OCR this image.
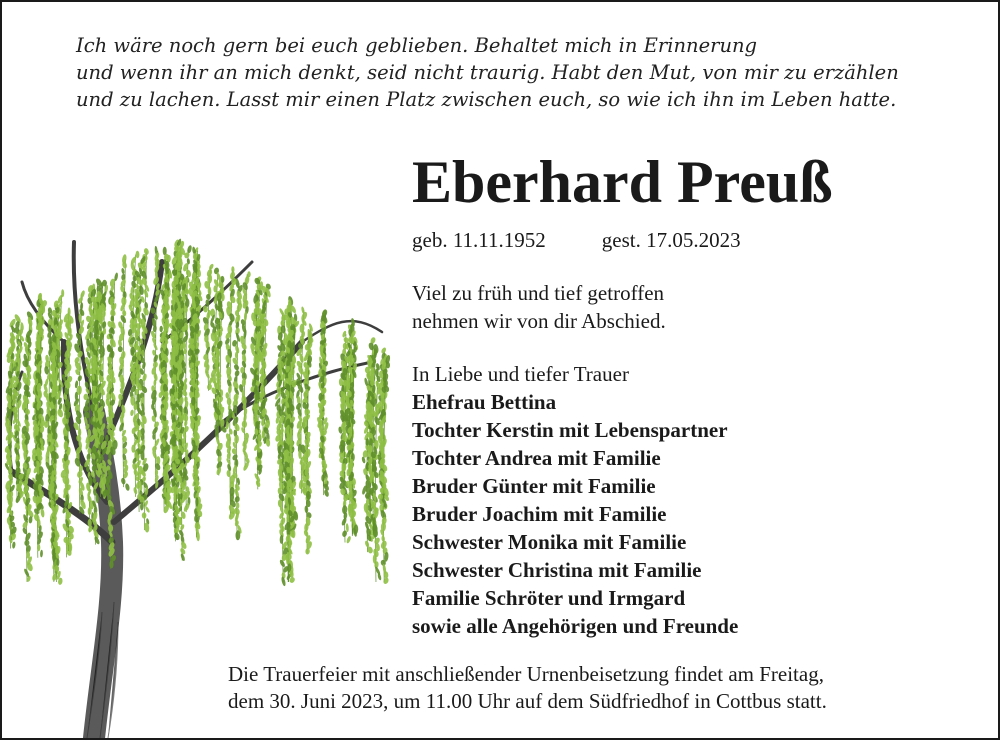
Ich wäre noch gern bei euch geblieben. Behaltet mich in Erinnerung
und wenn ihr an mich denkt, seid nicht traurig. Habt den Mut, von mir zu erzählen
und zu lachen. Lasst mir einen Platz zwischen euch, so wie ich ihn im Leben hatte.
Eberhard Preuß
geb. 11.11.1952	gest. 17.05.2023
Viel zu früh und tief getroffen
nehmen wir von dir Abschied.
In Liebe und tiefer Trauer
Ehefrau Bettina
Tochter Kerstin mit Lebenspartner
Tochter Andrea mit Familie
Bruder Günter mit Familie
Bruder Joachim mit Familie
Schwester Monika mit Familie
Schwester Christina mit Familie
Familie Schröter und Irmgard
sowie alle Angehörigen und Freunde
Die Trauerfeier mit anschließender Urnenbeisetzung findet am Freitag,
dem 30. Juni 2023, um 11.00 Uhr auf dem Südfriedhof in Cottbus statt.
